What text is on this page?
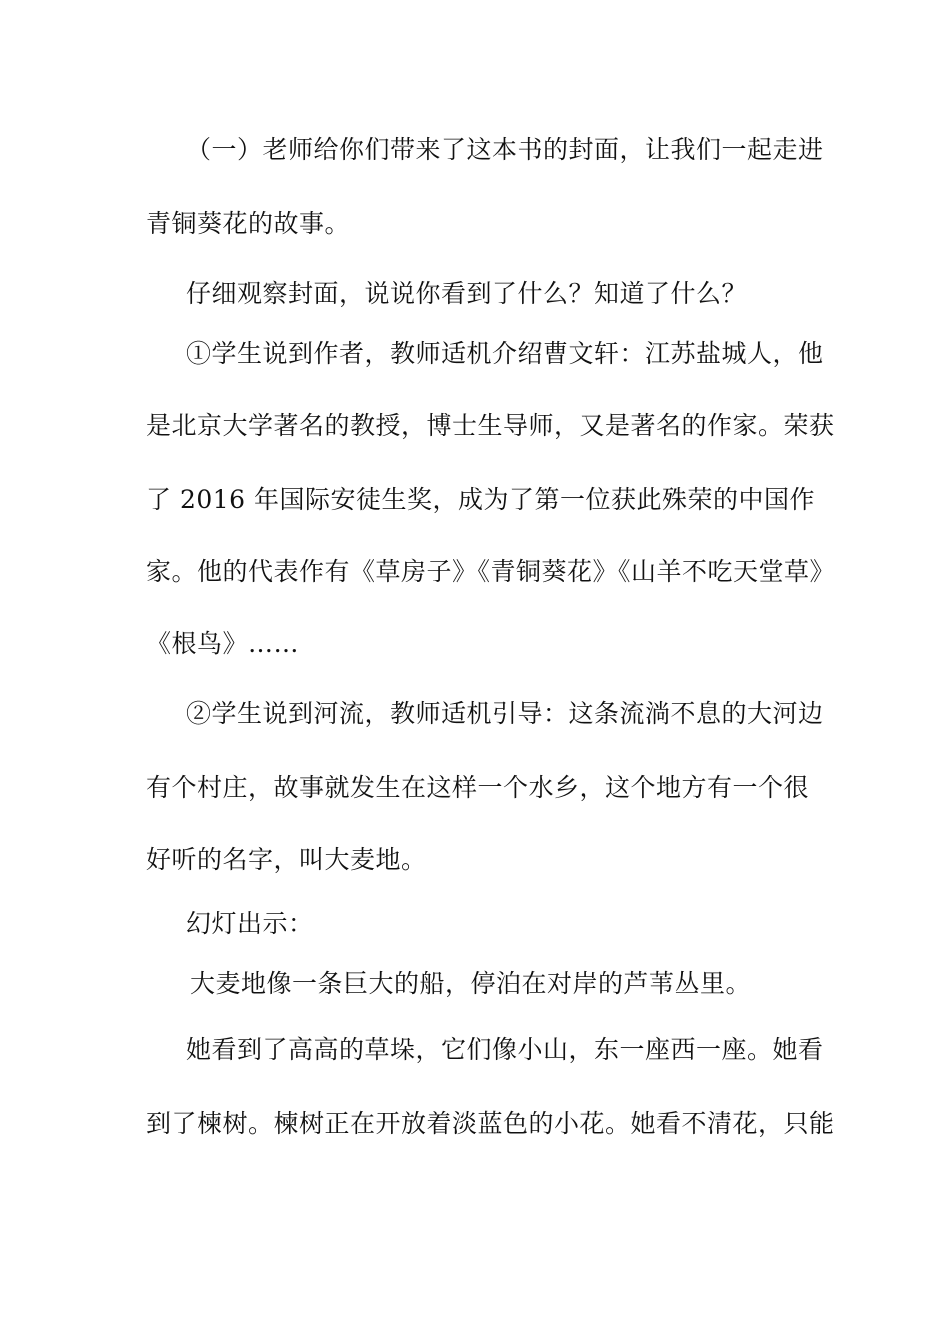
（一）老师给你们带来了这本书的封面，让我们一起走进
青铜葵花的故事。
仔细观察封面，说说你看到了什么？知道了什么？
①学生说到作者，教师适机介绍曹文轩：江苏盐城人，他
是北京大学著名的教授，博士生导师，又是著名的作家。荣获
了 2016 年国际安徒生奖，成为了第一位获此殊荣的中国作
家。他的代表作有《草房子》《青铜葵花》《山羊不吃天堂草》
《根鸟》……
②学生说到河流，教师适机引导：这条流淌不息的大河边
有个村庄，故事就发生在这样一个水乡，这个地方有一个很
好听的名字，叫大麦地。
幻灯出示：
大麦地像一条巨大的船，停泊在对岸的芦苇丛里。
她看到了高高的草垛，它们像小山，东一座西一座。她看
到了楝树。楝树正在开放着淡蓝色的小花。她看不清花，只能
